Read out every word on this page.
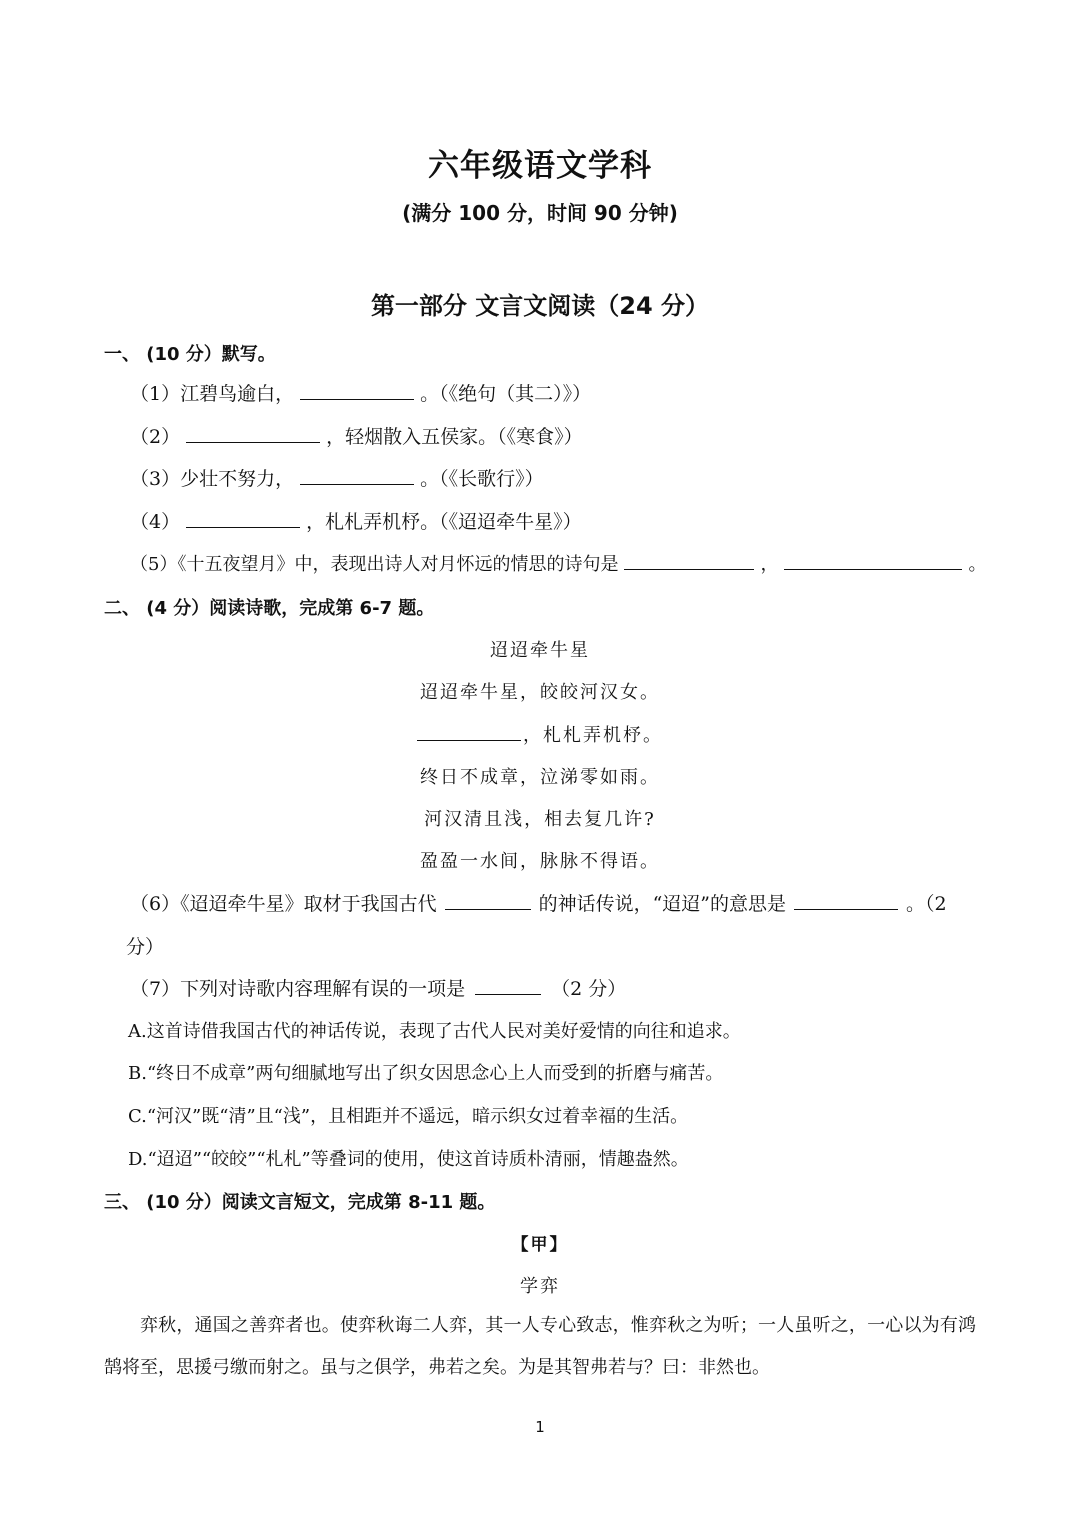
六年级语文学科
(满分 100 分，时间 90 分钟)
第一部分 文言文阅读（24 分）
一、 (10 分）默写。
（1）江碧鸟逾白，	。（《绝句（其二）》）
（2）	，轻烟散入五侯家。（《寒食》）
（3）少壮不努力，	。（《长歌行》）
（4）	，札札弄机杼。（《迢迢牵牛星》）
（5）《十五夜望月》中，表现出诗人对月怀远的情思的诗句是	，	。
二、 (4 分）阅读诗歌，完成第 6-7 题。
迢迢牵牛星
迢迢牵牛星，皎皎河汉女。
，札札弄机杼。
终日不成章，泣涕零如雨。
河汉清且浅，相去复几许?
盈盈一水间，脉脉不得语。
（6）《迢迢牵牛星》取材于我国古代	的神话传说，“迢迢”的意思是	。（2
分）
（7）下列对诗歌内容理解有误的一项是	（2 分）
A.这首诗借我国古代的神话传说，表现了古代人民对美好爱情的向往和追求。
B.“终日不成章”两句细腻地写出了织女因思念心上人而受到的折磨与痛苦。
C.“河汉”既“清”且“浅”，且相距并不遥远，暗示织女过着幸福的生活。
D.“迢迢”“皎皎”“札札”等叠词的使用，使这首诗质朴清丽，情趣盎然。
三、 (10 分）阅读文言短文，完成第 8-11 题。
【甲】
学弈
弈秋，通国之善弈者也。使弈秋诲二人弈，其一人专心致志，惟弈秋之为听；一人虽听之，一心以为有鸿鹄将至，思援弓缴而射之。虽与之俱学，弗若之矣。为是其智弗若与？曰：非然也。
1
